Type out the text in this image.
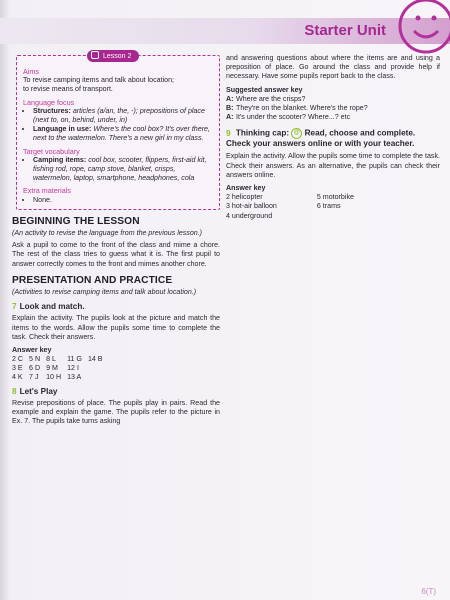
Starter Unit
Lesson 2
Aims
To revise camping items and talk about location;
to revise means of transport.
Language focus
• Structures: articles (a/an, the, -); prepositions of place (next to, on, behind, under, in)
• Language in use: Where's the cool box? It's over there, next to the watermelon. There's a new girl in my class.
Target vocabulary
• Camping items: cool box, scooter, flippers, first-aid kit, fishing rod, rope, camp stove, blanket, crisps, watermelon, laptop, smartphone, headphones, cola
Extra materials
• None.
BEGINNING THE LESSON
(An activity to revise the language from the previous lesson.)
Ask a pupil to come to the front of the class and mime a chore. The rest of the class tries to guess what it is. The first pupil to answer correctly comes to the front and mimes another chore.
PRESENTATION AND PRACTICE
(Activities to revise camping items and talk about location.)
7 Look and match.
Explain the activity. The pupils look at the picture and match the items to the words. Allow the pupils some time to complete the task. Check their answers.
Answer key
2 C	5 N	8 L	11 G	14 B
3 E	6 D	9 M	12 I	
4 K	7 J	10 H	13 A	
8 Let's Play
Revise prepositions of place. The pupils play in pairs. Read the example and explain the game. The pupils refer to the picture in Ex. 7. The pupils take turns asking
and answering questions about where the items are and using a preposition of place. Go around the class and provide help if necessary. Have some pupils report back to the class.
Suggested answer key
A: Where are the crisps?
B: They're on the blanket. Where's the rope?
A: It's under the scooter? Where...? etc
9 Thinking cap: @ Read, choose and complete. Check your answers online or with your teacher.
Explain the activity. Allow the pupils some time to complete the task. Check their answers. As an alternative, the pupils can check their answers online.
Answer key
2 helicopter
3 hot-air balloon
4 underground
5 motorbike
6 trams
6(T)
